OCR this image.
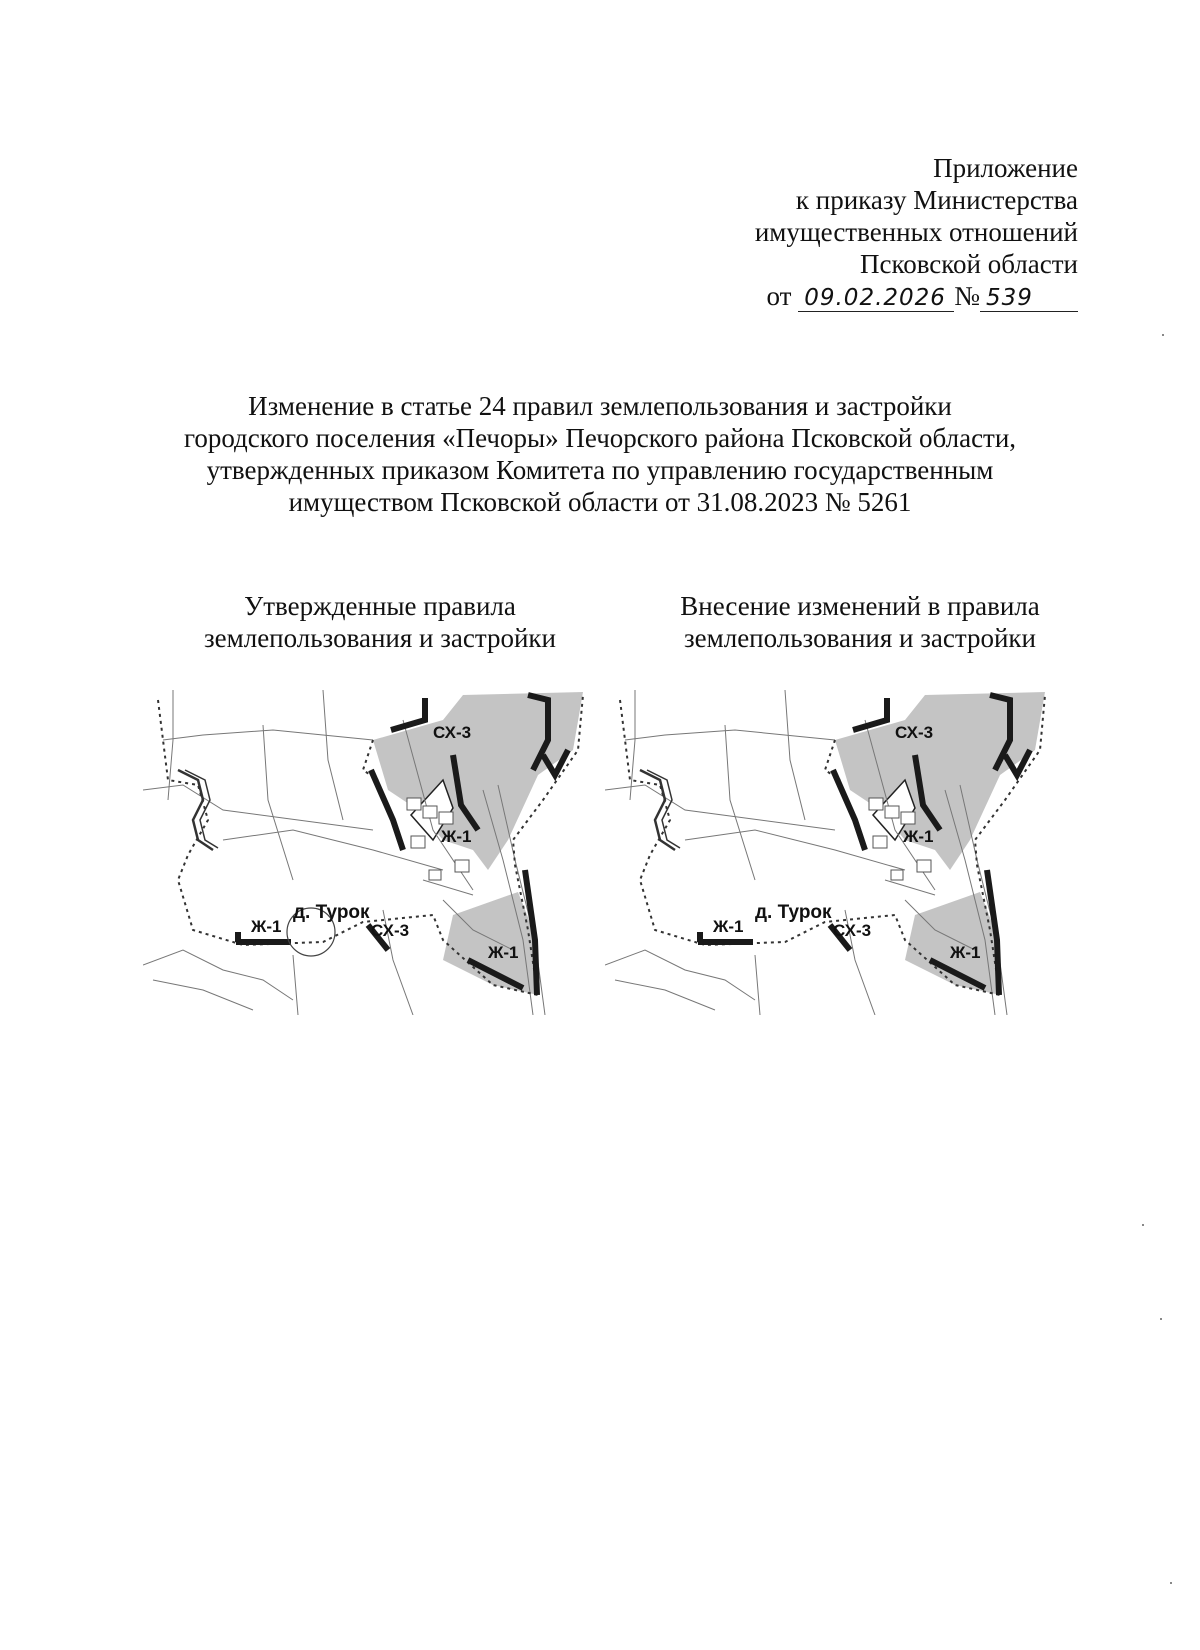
Приложение
к приказу Министерства
имущественных отношений
Псковской области
от 09.02.2026 № 539
Изменение в статье 24 правил землепользования и застройки
городского поселения «Печоры» Печорского района Псковской области,
утвержденных приказом Комитета по управлению государственным
имуществом Псковской области от 31.08.2023 № 5261
Утвержденные правила
землепользования и застройки
Внесение изменений в правила
землепользования и застройки
СХ-3
Ж-1
д. Турок
Ж-1	СХ-3
Ж-1
СХ-3
Ж-1
д. Турок
Ж-1	СХ-3
Ж-1
